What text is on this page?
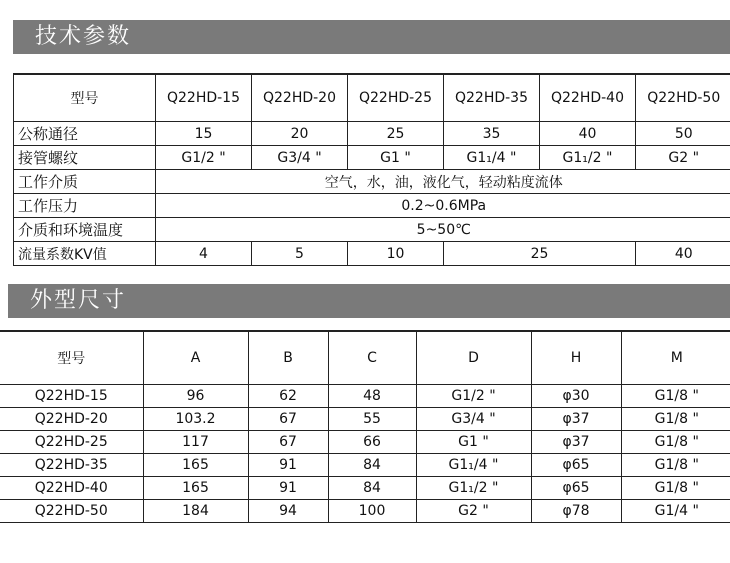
技术参数
型号	Q22HD-15	Q22HD-20	Q22HD-25	Q22HD-35	Q22HD-40	Q22HD-50
公称通径	15	20	25	35	40	50
接管螺纹	G1/2 "	G3/4 "	G1 "	G1₁/4 "	G1₁/2 "	G2 "
工作介质	空气，水，油，液化气，轻动粘度流体					
工作压力	0.2~0.6MPa					
介质和环境温度	5~50℃					
流量系数KV值	4	5	10	25		40
外型尺寸
型号	A	B	C	D	H	M
Q22HD-15	96	62	48	G1/2 "	φ30	G1/8 "
Q22HD-20	103.2	67	55	G3/4 "	φ37	G1/8 "
Q22HD-25	117	67	66	G1 "	φ37	G1/8 "
Q22HD-35	165	91	84	G1₁/4 "	φ65	G1/8 "
Q22HD-40	165	91	84	G1₁/2 "	φ65	G1/8 "
Q22HD-50	184	94	100	G2 "	φ78	G1/4 "
